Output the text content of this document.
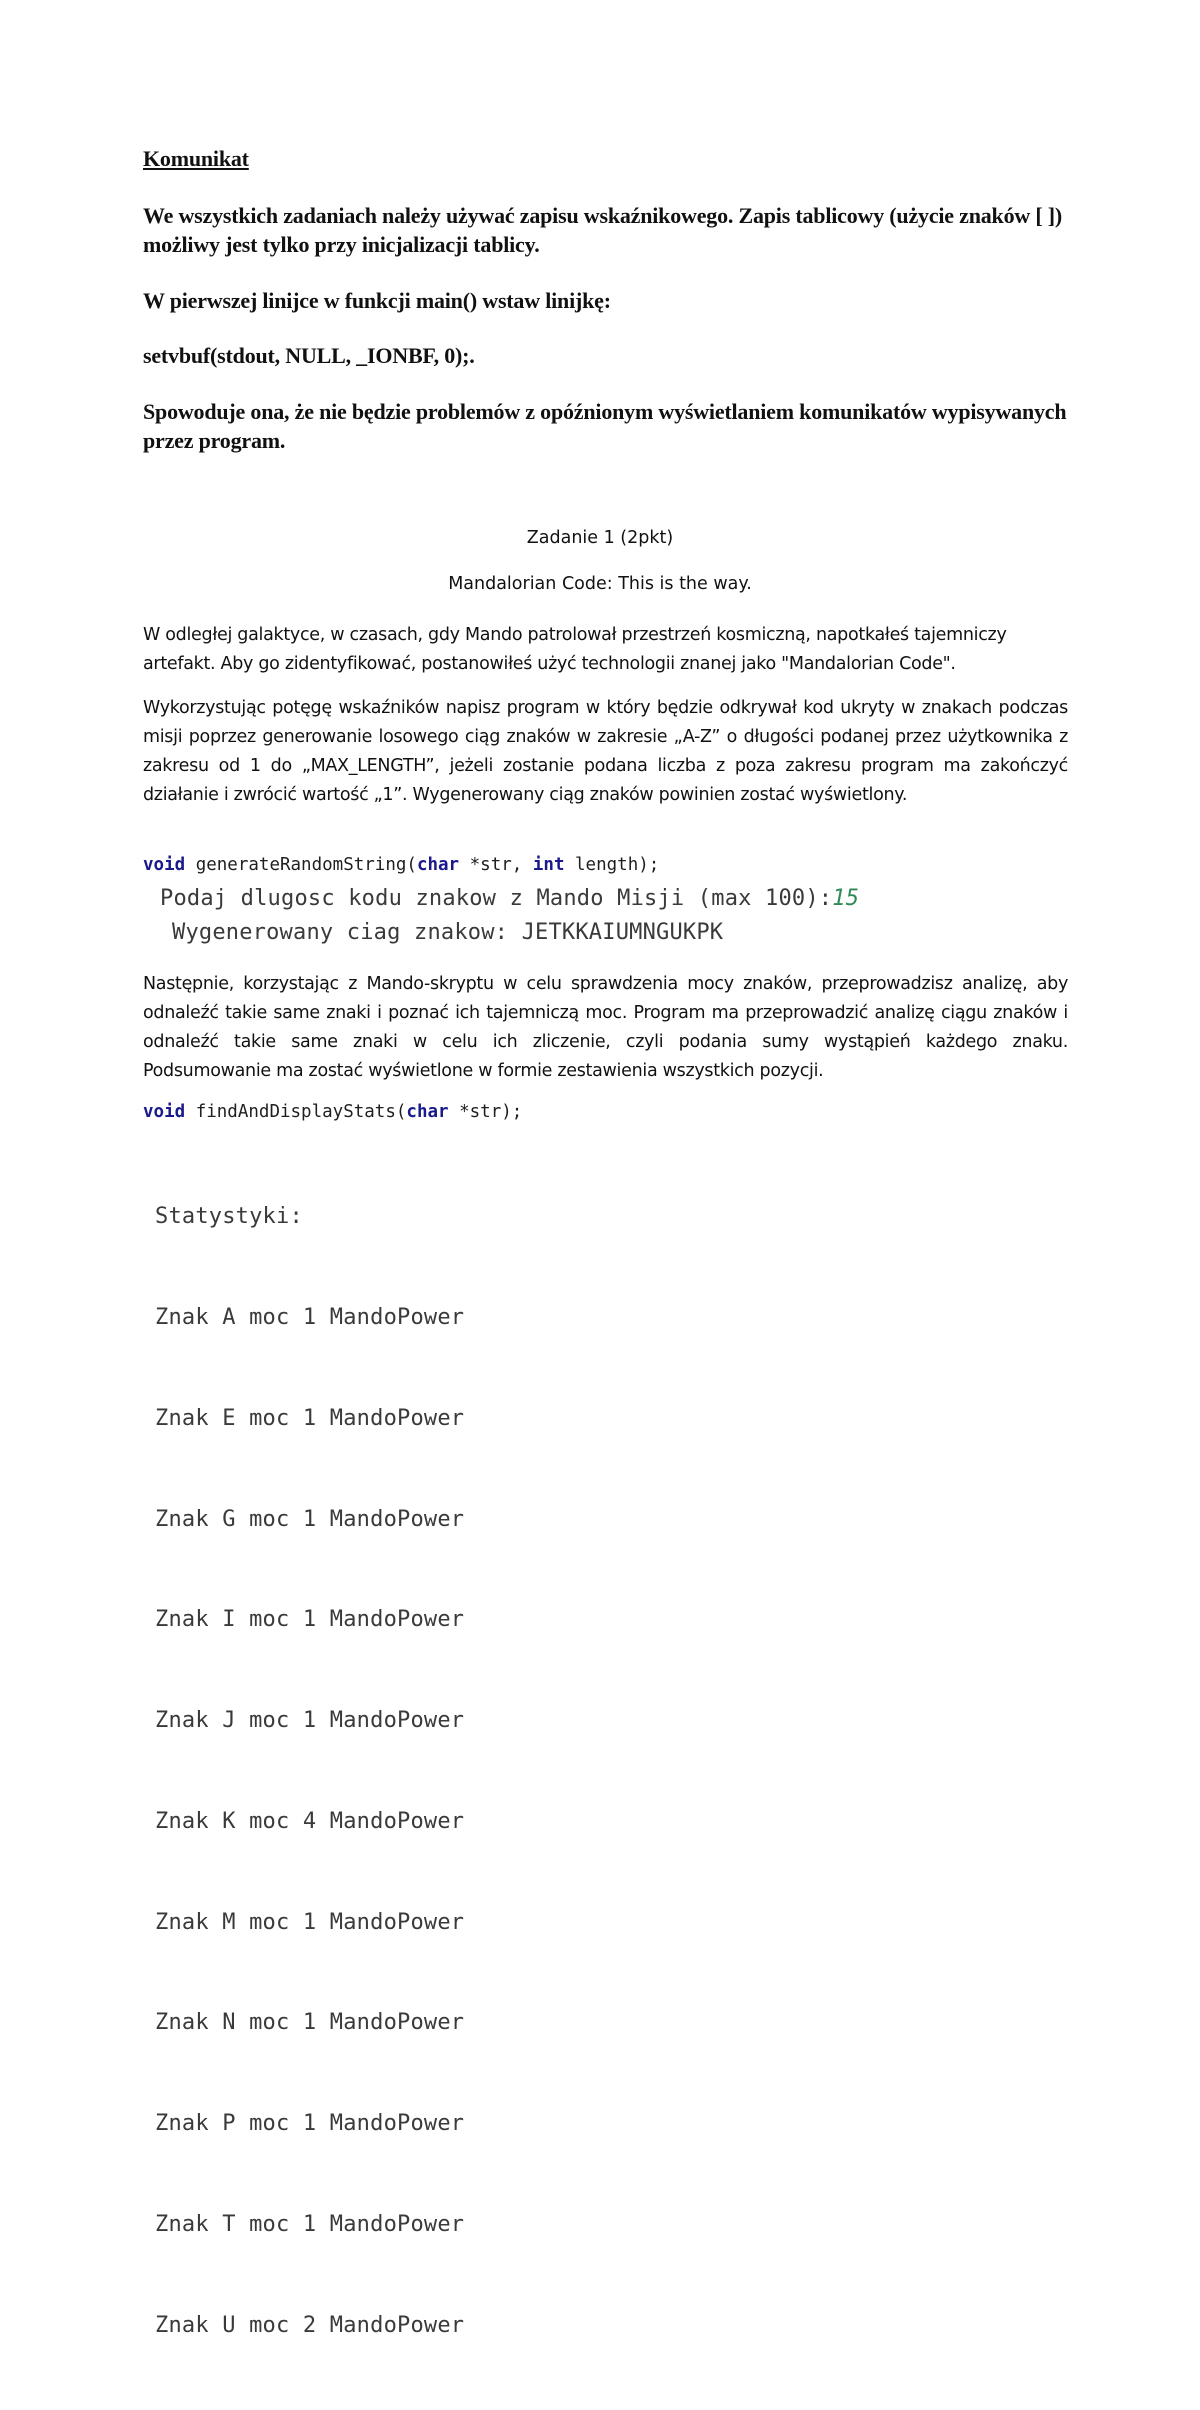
Komunikat
We wszystkich zadaniach należy używać zapisu wskaźnikowego. Zapis tablicowy (użycie znaków [ ]) możliwy jest tylko przy inicjalizacji tablicy.
W pierwszej linijce w funkcji main() wstaw linijkę:
setvbuf(stdout, NULL, _IONBF, 0);.
Spowoduje ona, że nie będzie problemów z opóźnionym wyświetlaniem komunikatów wypisywanych przez program.
Zadanie 1 (2pkt)
Mandalorian Code: This is the way.
W odległej galaktyce, w czasach, gdy Mando patrolował przestrzeń kosmiczną, napotkałeś tajemniczy artefakt. Aby go zidentyfikować, postanowiłeś użyć technologii znanej jako "Mandalorian Code".
Wykorzystując potęgę wskaźników napisz program w który będzie odkrywał kod ukryty w znakach podczas misji poprzez generowanie losowego ciąg znaków w zakresie „A-Z” o długości podanej przez użytkownika z zakresu od 1 do „MAX_LENGTH”, jeżeli zostanie podana liczba z poza zakresu program ma zakończyć działanie i zwrócić wartość „1”. Wygenerowany ciąg znaków powinien zostać wyświetlony.
void generateRandomString(char *str, int length);
Podaj dlugosc kodu znakow z Mando Misji (max 100):15
Wygenerowany ciag znakow: JETKKAIUMNGUKPK
Następnie, korzystając z Mando-skryptu w celu sprawdzenia mocy znaków, przeprowadzisz analizę, aby odnaleźć takie same znaki i poznać ich tajemniczą moc. Program ma przeprowadzić analizę ciągu znaków i odnaleźć takie same znaki w celu ich zliczenie, czyli podania sumy wystąpień każdego znaku. Podsumowanie ma zostać wyświetlone w formie zestawienia wszystkich pozycji.
void findAndDisplayStats(char *str);

Statystyki:

Znak A moc 1 MandoPower

Znak E moc 1 MandoPower

Znak G moc 1 MandoPower

Znak I moc 1 MandoPower

Znak J moc 1 MandoPower

Znak K moc 4 MandoPower

Znak M moc 1 MandoPower

Znak N moc 1 MandoPower

Znak P moc 1 MandoPower

Znak T moc 1 MandoPower

Znak U moc 2 MandoPower
